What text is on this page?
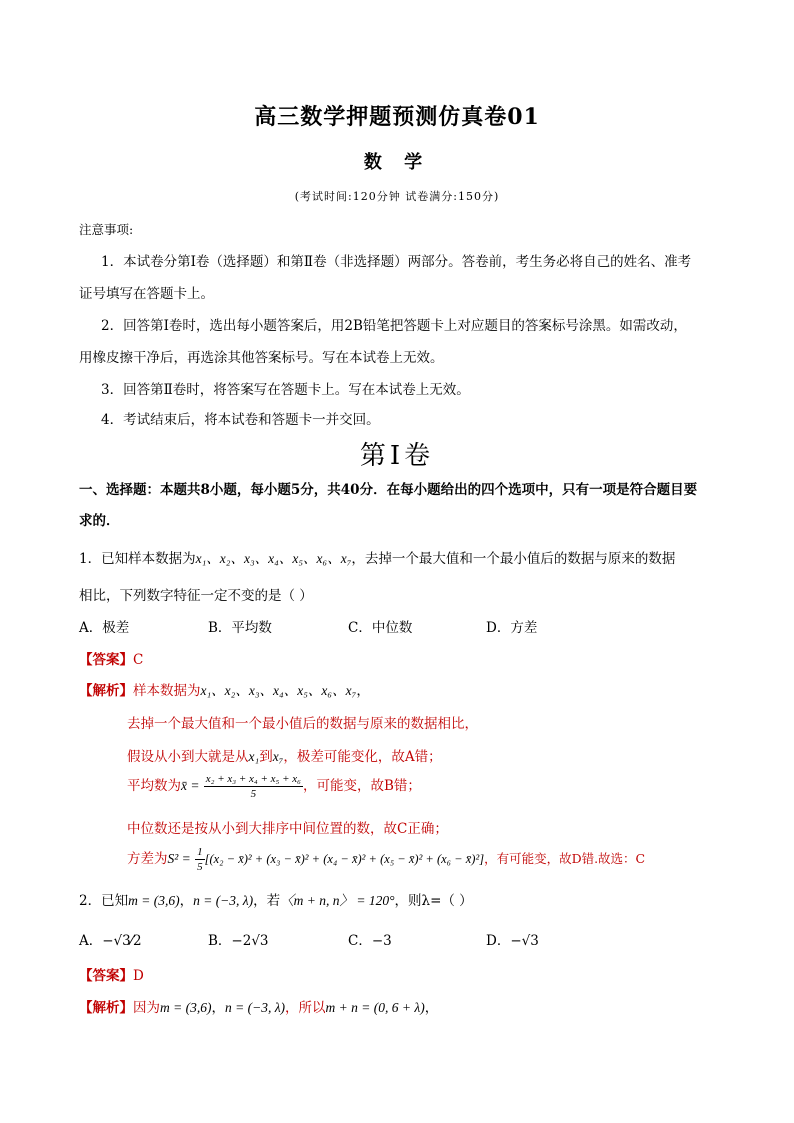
高三数学押题预测仿真卷01
数 学
(考试时间:120分钟 试卷满分:150分)
注意事项:
1．本试卷分第Ⅰ卷（选择题）和第Ⅱ卷（非选择题）两部分。答卷前，考生务必将自己的姓名、准考
证号填写在答题卡上。
2．回答第Ⅰ卷时，选出每小题答案后，用2B铅笔把答题卡上对应题目的答案标号涂黑。如需改动，
用橡皮擦干净后，再选涂其他答案标号。写在本试卷上无效。
3．回答第Ⅱ卷时，将答案写在答题卡上。写在本试卷上无效。
4．考试结束后，将本试卷和答题卡一并交回。
第Ⅰ卷
一、选择题：本题共8小题，每小题5分，共40分．在每小题给出的四个选项中，只有一项是符合题目要
求的．
1．已知样本数据为x₁、x₂、x₃、x₄、x₅、x₆、x₇，去掉一个最大值和一个最小值后的数据与原来的数据
相比，下列数字特征一定不变的是（ ）
A．极差	B．平均数	C．中位数	D．方差
【答案】C
【解析】样本数据为x₁、x₂、x₃、x₄、x₅、x₆、x₇，
去掉一个最大值和一个最小值后的数据与原来的数据相比，
假设从小到大就是从x₁到x₇，极差可能变化，故A错；
平均数为x̄ = $\frac{\text{x₂ + x₃ + x₄ + x₅ + x₆}}{5}$ ，可能变，故B错；
中位数还是按从小到大排序中间位置的数，故C正确；
方差为$S^2 = \frac{1}{5} [(x_2$ − x̄)² + (x₃ − x̄)² + (x₄ − x̄)² + (x₅ − x̄)² + (x₆ − x̄)²]，有可能变，故D错.故选：C
2．已知m = (3,6)，n = (−3, λ)，若〈m + n, n〉 = 120°，则λ=（ ）
A．−√3⁄2	B．−2√3	C．−3	D．−√3
【答案】D
【解析】因为m = (3,6)，n = (−3, λ)，所以m + n = (0, 6 + λ)，
